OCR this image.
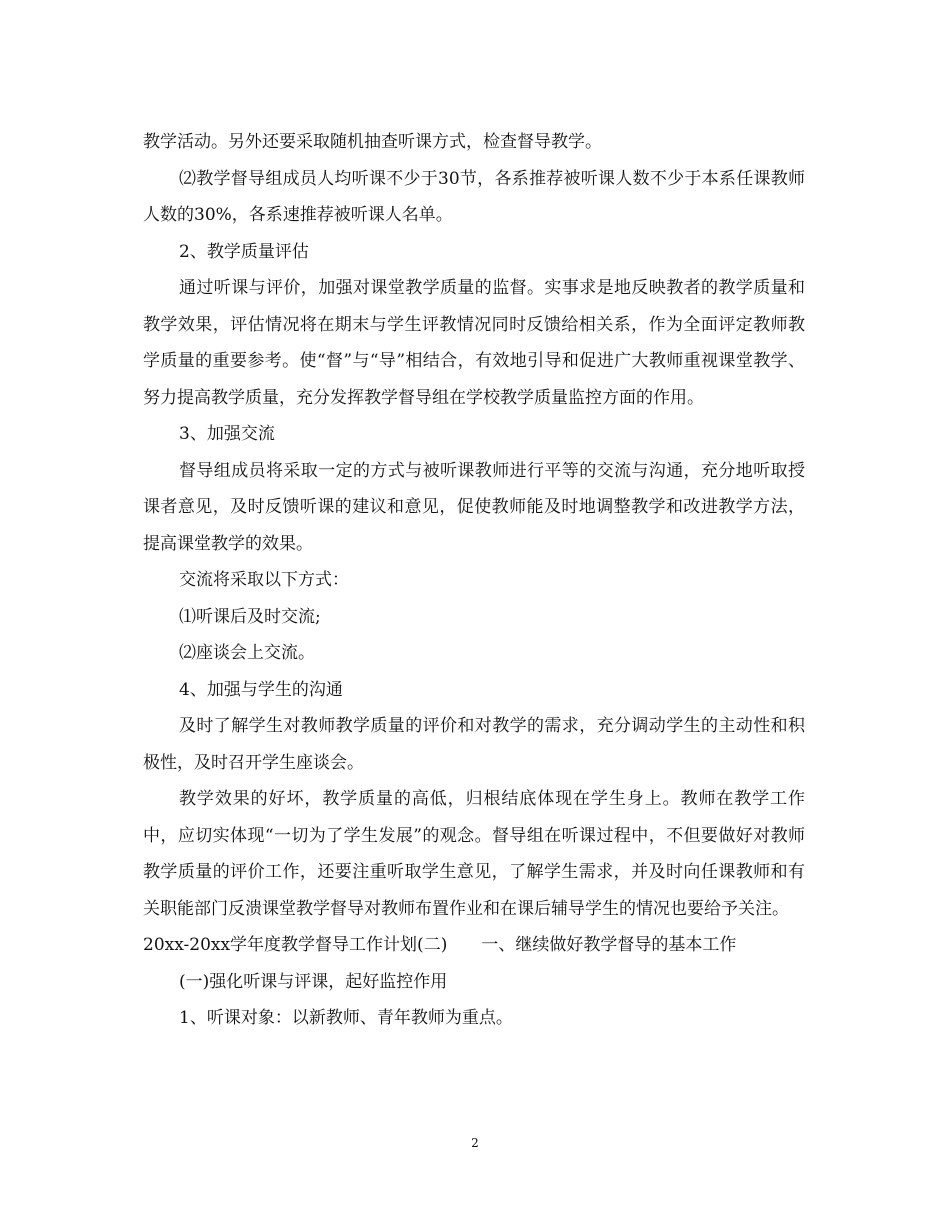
教学活动。另外还要采取随机抽查听课方式，检查督导教学。

⑵教学督导组成员人均听课不少于30节，各系推荐被听课人数不少于本系任课教师人数的30%，各系速推荐被听课人名单。

2、教学质量评估

通过听课与评价，加强对课堂教学质量的监督。实事求是地反映教者的教学质量和教学效果，评估情况将在期末与学生评教情况同时反馈给相关系，作为全面评定教师教学质量的重要参考。使“督”与“导”相结合，有效地引导和促进广大教师重视课堂教学、努力提高教学质量，充分发挥教学督导组在学校教学质量监控方面的作用。

3、加强交流

督导组成员将采取一定的方式与被听课教师进行平等的交流与沟通，充分地听取授课者意见，及时反馈听课的建议和意见，促使教师能及时地调整教学和改进教学方法，提高课堂教学的效果。

交流将采取以下方式：

⑴听课后及时交流;

⑵座谈会上交流。

4、加强与学生的沟通

及时了解学生对教师教学质量的评价和对教学的需求，充分调动学生的主动性和积极性，及时召开学生座谈会。

教学效果的好坏，教学质量的高低，归根结底体现在学生身上。教师在教学工作中，应切实体现“一切为了学生发展”的观念。督导组在听课过程中，不但要做好对教师教学质量的评价工作，还要注重听取学生意见，了解学生需求，并及时向任课教师和有关职能部门反溃课堂教学督导对教师布置作业和在课后辅导学生的情况也要给予关注。

20xx-20xx学年度教学督导工作计划(二)　　一、继续做好教学督导的基本工作

(一)强化听课与评课，起好监控作用

1、听课对象：以新教师、青年教师为重点。

2
